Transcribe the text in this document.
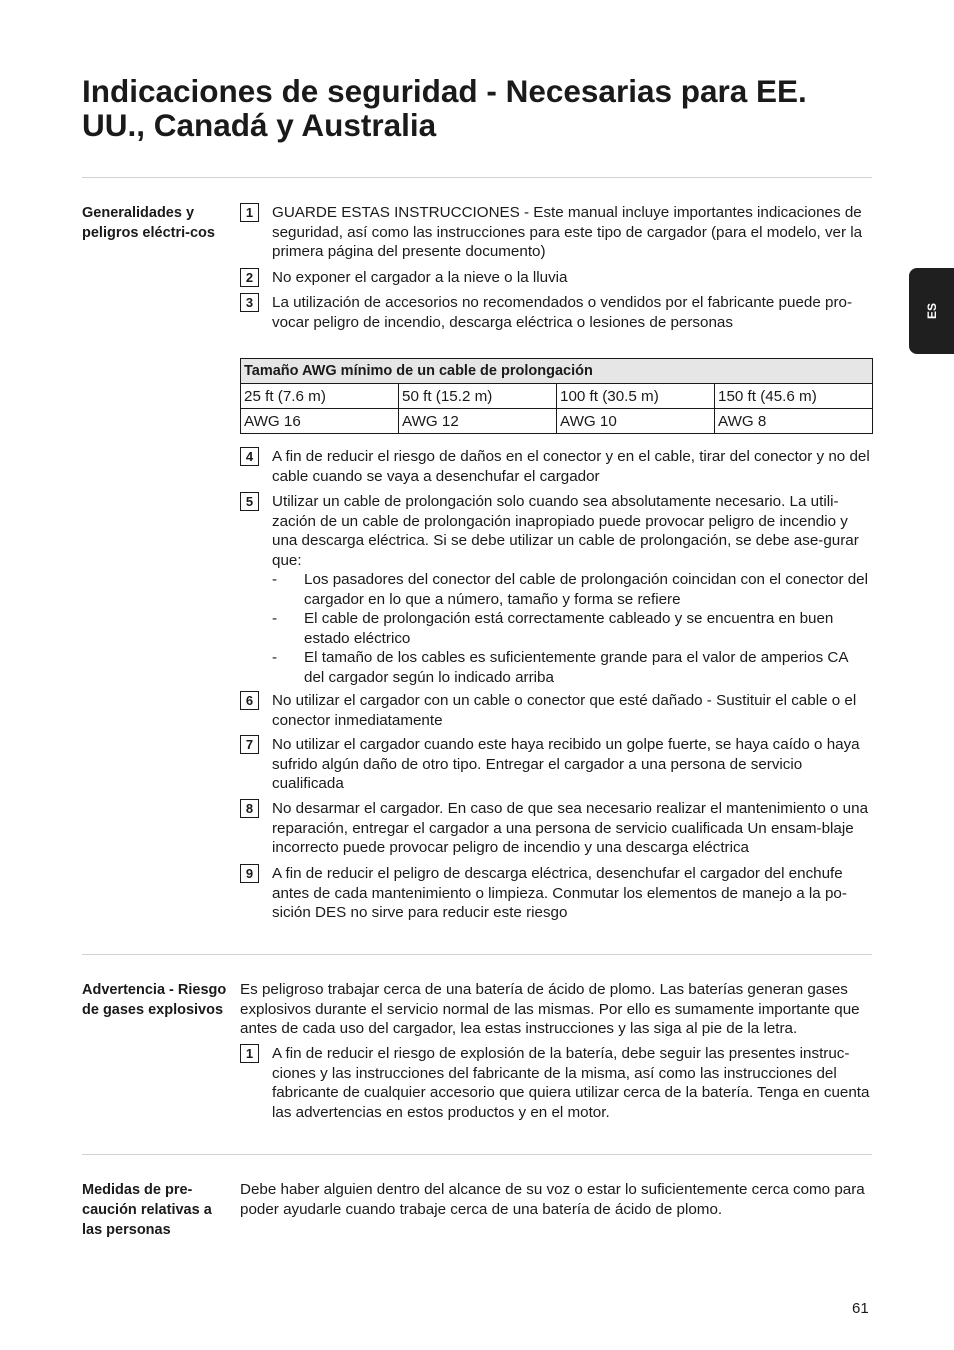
Indicaciones de seguridad - Necesarias para EE. UU., Canadá y Australia
ES
Generalidades y peligros eléctri-cos
1	GUARDE ESTAS INSTRUCCIONES - Este manual incluye importantes indicaciones de seguridad, así como las instrucciones para este tipo de cargador (para el modelo, ver la primera página del presente documento)
2	No exponer el cargador a la nieve o la lluvia
3	La utilización de accesorios no recomendados o vendidos por el fabricante puede pro-vocar peligro de incendio, descarga eléctrica o lesiones de personas
Tamaño AWG mínimo de un cable de prolongación			
25 ft (7.6 m)	50 ft (15.2 m)	100 ft (30.5 m)	150 ft (45.6 m)
AWG 16	AWG 12	AWG 10	AWG 8
4	A fin de reducir el riesgo de daños en el conector y en el cable, tirar del conector y no del cable cuando se vaya a desenchufar el cargador
5	Utilizar un cable de prolongación solo cuando sea absolutamente necesario. La utili-zación de un cable de prolongación inapropiado puede provocar peligro de incendio y una descarga eléctrica. Si se debe utilizar un cable de prolongación, se debe ase-gurar que:
- Los pasadores del conector del cable de prolongación coincidan con el conector del cargador en lo que a número, tamaño y forma se refiere
- El cable de prolongación está correctamente cableado y se encuentra en buen estado eléctrico
- El tamaño de los cables es suficientemente grande para el valor de amperios CA del cargador según lo indicado arriba
6	No utilizar el cargador con un cable o conector que esté dañado - Sustituir el cable o el conector inmediatamente
7	No utilizar el cargador cuando este haya recibido un golpe fuerte, se haya caído o haya sufrido algún daño de otro tipo. Entregar el cargador a una persona de servicio cualificada
8	No desarmar el cargador. En caso de que sea necesario realizar el mantenimiento o una reparación, entregar el cargador a una persona de servicio cualificada Un ensam-blaje incorrecto puede provocar peligro de incendio y una descarga eléctrica
9	A fin de reducir el peligro de descarga eléctrica, desenchufar el cargador del enchufe antes de cada mantenimiento o limpieza. Conmutar los elementos de manejo a la po-sición DES no sirve para reducir este riesgo
Advertencia - Riesgo de gases explosivos
Es peligroso trabajar cerca de una batería de ácido de plomo. Las baterías generan gases explosivos durante el servicio normal de las mismas. Por ello es sumamente importante que antes de cada uso del cargador, lea estas instrucciones y las siga al pie de la letra.
1	A fin de reducir el riesgo de explosión de la batería, debe seguir las presentes instruc-ciones y las instrucciones del fabricante de la misma, así como las instrucciones del fabricante de cualquier accesorio que quiera utilizar cerca de la batería. Tenga en cuenta las advertencias en estos productos y en el motor.
Medidas de pre-caución relativas a las personas
Debe haber alguien dentro del alcance de su voz o estar lo suficientemente cerca como para poder ayudarle cuando trabaje cerca de una batería de ácido de plomo.
61
